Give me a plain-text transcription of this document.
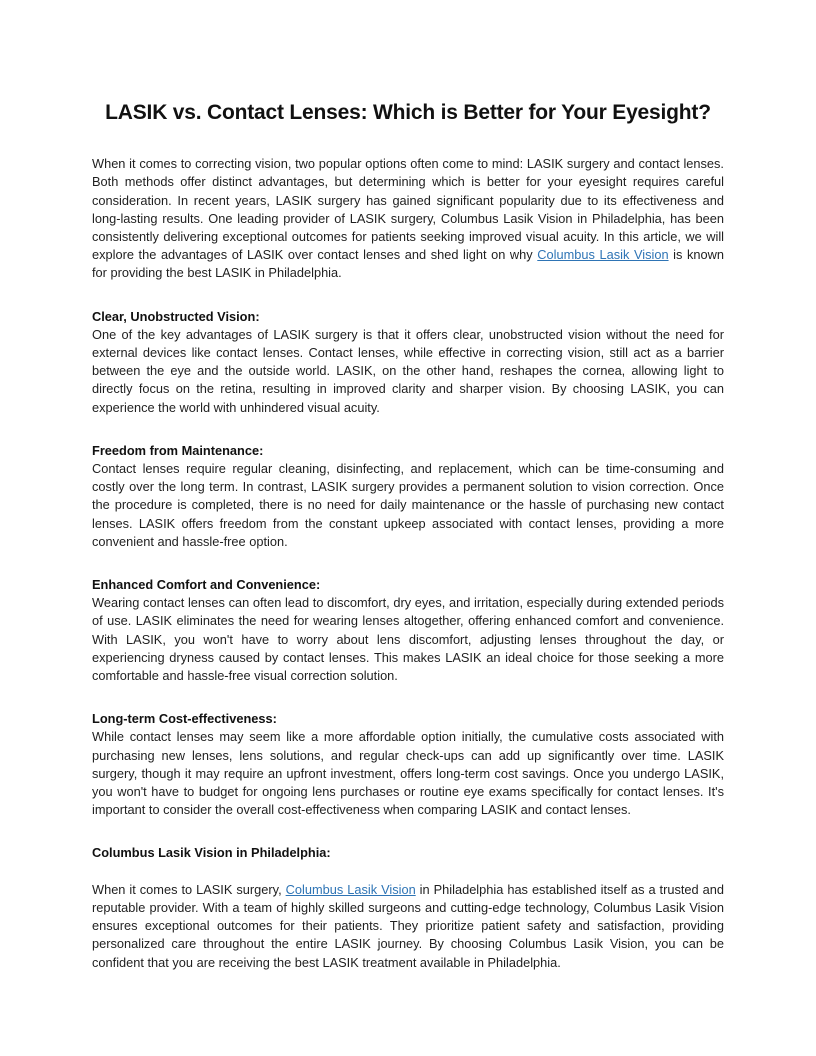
LASIK vs. Contact Lenses: Which is Better for Your Eyesight?

When it comes to correcting vision, two popular options often come to mind: LASIK surgery and contact lenses. Both methods offer distinct advantages, but determining which is better for your eyesight requires careful consideration. In recent years, LASIK surgery has gained significant popularity due to its effectiveness and long-lasting results. One leading provider of LASIK surgery, Columbus Lasik Vision in Philadelphia, has been consistently delivering exceptional outcomes for patients seeking improved visual acuity. In this article, we will explore the advantages of LASIK over contact lenses and shed light on why Columbus Lasik Vision is known for providing the best LASIK in Philadelphia.

Clear, Unobstructed Vision:

One of the key advantages of LASIK surgery is that it offers clear, unobstructed vision without the need for external devices like contact lenses. Contact lenses, while effective in correcting vision, still act as a barrier between the eye and the outside world. LASIK, on the other hand, reshapes the cornea, allowing light to directly focus on the retina, resulting in improved clarity and sharper vision. By choosing LASIK, you can experience the world with unhindered visual acuity.

Freedom from Maintenance:

Contact lenses require regular cleaning, disinfecting, and replacement, which can be time-consuming and costly over the long term. In contrast, LASIK surgery provides a permanent solution to vision correction. Once the procedure is completed, there is no need for daily maintenance or the hassle of purchasing new contact lenses. LASIK offers freedom from the constant upkeep associated with contact lenses, providing a more convenient and hassle-free option.

Enhanced Comfort and Convenience:

Wearing contact lenses can often lead to discomfort, dry eyes, and irritation, especially during extended periods of use. LASIK eliminates the need for wearing lenses altogether, offering enhanced comfort and convenience. With LASIK, you won't have to worry about lens discomfort, adjusting lenses throughout the day, or experiencing dryness caused by contact lenses. This makes LASIK an ideal choice for those seeking a more comfortable and hassle-free visual correction solution.

Long-term Cost-effectiveness:

While contact lenses may seem like a more affordable option initially, the cumulative costs associated with purchasing new lenses, lens solutions, and regular check-ups can add up significantly over time. LASIK surgery, though it may require an upfront investment, offers long-term cost savings. Once you undergo LASIK, you won't have to budget for ongoing lens purchases or routine eye exams specifically for contact lenses. It's important to consider the overall cost-effectiveness when comparing LASIK and contact lenses.

Columbus Lasik Vision in Philadelphia:

When it comes to LASIK surgery, Columbus Lasik Vision in Philadelphia has established itself as a trusted and reputable provider. With a team of highly skilled surgeons and cutting-edge technology, Columbus Lasik Vision ensures exceptional outcomes for their patients. They prioritize patient safety and satisfaction, providing personalized care throughout the entire LASIK journey. By choosing Columbus Lasik Vision, you can be confident that you are receiving the best LASIK treatment available in Philadelphia.
